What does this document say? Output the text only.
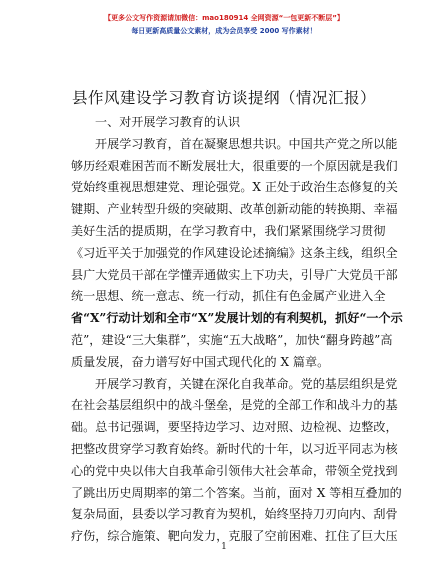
【更多公文写作资源请加微信：mao180914 全网资源“一包更新不断层”】
每日更新高质量公文素材，成为会员享受 2000 写作素材！
县作风建设学习教育访谈提纲（情况汇报）
一、对开展学习教育的认识
开展学习教育，首在凝聚思想共识。中国共产党之所以能
够历经艰难困苦而不断发展壮大，很重要的一个原因就是我们
党始终重视思想建党、理论强党。X 正处于政治生态修复的关
键期、产业转型升级的突破期、改革创新动能的转换期、幸福
美好生活的提质期，在学习教育中，我们紧紧围绕学习贯彻
《习近平关于加强党的作风建设论述摘编》这条主线，组织全
县广大党员干部在学懂弄通做实上下功夫，引导广大党员干部
统一思想、统一意志、统一行动，抓住有色金属产业进入全
省“X”行动计划和全市“X”发展计划的有利契机，抓好“一个示
范”，建设“三大集群”，实施“五大战略”，加快“翻身跨越”高
质量发展，奋力谱写好中国式现代化的 X 篇章。
开展学习教育，关键在深化自我革命。党的基层组织是党
在社会基层组织中的战斗堡垒，是党的全部工作和战斗力的基
础。总书记强调，要坚持边学习、边对照、边检视、边整改，
把整改贯穿学习教育始终。新时代的十年，以习近平同志为核
心的党中央以伟大自我革命引领伟大社会革命，带领全党找到
了跳出历史周期率的第二个答案。当前，面对 X 等相互叠加的
复杂局面，县委以学习教育为契机，始终坚持刀刃向内、刮骨
疗伤，综合施策、靶向发力，克服了空前困难、扛住了巨大压
1
